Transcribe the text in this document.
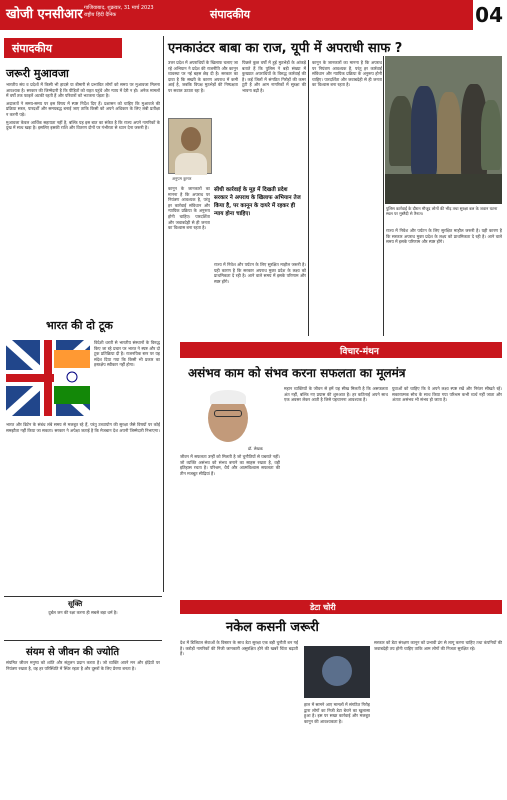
खोजी एनसीआर गाजियाबाद, शुक्रवार, 31 मार्च 2023
राष्ट्रीय हिंदी दैनिक	संपादकीय	04
संपादकीय
जरूरी मुआवजा

भारतीय संघ व प्रदेशों में किसी भी हादसे या बीमारी से प्रभावित लोगों को समय पर मुआवजा मिलना आवश्यक है। सरकार की जिम्मेदारी है कि पीड़ितों को राहत पहुंचे और न्याय में देरी न हो। अनेक मामलों में वर्षों तक फाइलें अटकी रहती हैं और परिवारों को भटकना पड़ता है।

अदालतों ने समय-समय पर इस विषय में स्पष्ट निर्देश दिए हैं। प्रशासन को चाहिए कि मुआवजे की प्रक्रिया सरल, पारदर्शी और समयबद्ध बनाई जाए ताकि किसी को अपने अधिकार के लिए लंबी प्रतीक्षा न करनी पड़े।

मुआवजा केवल आर्थिक सहायता नहीं है, बल्कि यह इस बात का संकेत है कि राज्य अपने नागरिकों के दुख में साथ खड़ा है। इसलिए इसकी राशि और वितरण दोनों पर गंभीरता से ध्यान देना जरूरी है।

भारत की दो टूक

विदेशी धरती से भारतीय संस्थानों के विरुद्ध किए जा रहे प्रचार पर भारत ने स्पष्ट और दो टूक प्रतिक्रिया दी है। राजनयिक स्तर पर यह संदेश दिया गया कि किसी भी प्रकार का हस्तक्षेप स्वीकार नहीं होगा।

भारत और ब्रिटेन के संबंध लंबे समय से मजबूत रहे हैं, परंतु उच्चायोग की सुरक्षा जैसे विषयों पर कोई समझौता नहीं किया जा सकता। सरकार ने अपेक्षा जताई है कि मेजबान देश अपनी जिम्मेदारी निभाएगा।

सूक्ति
दुर्बल जन की रक्षा करना ही सबसे बड़ा धर्म है।
संयम से जीवन की ज्योति
संयमित जीवन मनुष्य को शांति और संतुलन प्रदान करता है। जो व्यक्ति अपने मन और इंद्रियों पर नियंत्रण रखता है, वह हर परिस्थिति में स्थिर रहता है और दूसरों के लिए प्रेरणा बनता है।
एनकाउंटर बाबा का राज, यूपी में अपराधी साफ ?
उत्तर प्रदेश में अपराधियों के खिलाफ चलाए जा रहे अभियान ने प्रदेश की राजनीति और कानून व्यवस्था पर नई बहस छेड़ दी है। सरकार का दावा है कि सख्ती के कारण अपराध में कमी आई है, जबकि विपक्ष मुठभेड़ों की निष्पक्षता पर सवाल उठाता रहा है।
पिछले कुछ वर्षों में हुई मुठभेड़ों के आंकड़े बताते हैं कि पुलिस ने बड़ी संख्या में कुख्यात अपराधियों के विरुद्ध कार्रवाई की है। कई जिलों में संगठित गिरोहों की कमर टूटी है और आम नागरिकों में सुरक्षा की भावना बढ़ी है।
अनुपम कुमार
सीधी कार्रवाई के मूड़ में दिखती प्रदेश सरकार ने अपराध के खिलाफ अभियान तेज किया है, पर कानून के दायरे में रहकर ही न्याय होना चाहिए।
कानून के जानकारों का मानना है कि अपराध पर नियंत्रण आवश्यक है, परंतु हर कार्रवाई संविधान और न्यायिक प्रक्रिया के अनुरूप होनी चाहिए। पारदर्शिता और जवाबदेही से ही जनता का विश्वास बना रहता है।
राज्य में निवेश और पर्यटन के लिए सुरक्षित माहौल जरूरी है। यही कारण है कि सरकार अपराध मुक्त प्रदेश के लक्ष्य को प्राथमिकता दे रही है। आने वाले समय में इसके परिणाम और स्पष्ट होंगे।
कानून के जानकारों का मानना है कि अपराध पर नियंत्रण आवश्यक है, परंतु हर कार्रवाई संविधान और न्यायिक प्रक्रिया के अनुरूप होनी चाहिए। पारदर्शिता और जवाबदेही से ही जनता का विश्वास बना रहता है।
पुलिस कार्रवाई के दौरान मौजूद लोगों की भीड़ तथा सुरक्षा बल के जवान घटना स्थल पर मुस्तैदी से तैनात।
राज्य में निवेश और पर्यटन के लिए सुरक्षित माहौल जरूरी है। यही कारण है कि सरकार अपराध मुक्त प्रदेश के लक्ष्य को प्राथमिकता दे रही है। आने वाले समय में इसके परिणाम और स्पष्ट होंगे।
विचार-मंथन
असंभव काम को संभव करना सफलता का मूलमंत्र
डॉ. लेखक
जीवन में सफलता उन्हीं को मिलती है जो चुनौतियों से घबराते नहीं। जो व्यक्ति असंभव को संभव बनाने का साहस रखता है, वही इतिहास रचता है। परिश्रम, धैर्य और आत्मविश्वास सफलता की तीन मजबूत सीढ़ियां हैं।
महान व्यक्तियों के जीवन से हमें यह सीख मिलती है कि असफलता अंत नहीं, बल्कि नए प्रयास की शुरुआत है। हर कठिनाई अपने साथ एक अवसर लेकर आती है जिसे पहचानना आवश्यक है।
युवाओं को चाहिए कि वे अपने लक्ष्य स्पष्ट रखें और निरंतर सीखते रहें। सकारात्मक सोच के साथ किया गया परिश्रम कभी व्यर्थ नहीं जाता और अंततः असंभव भी संभव हो जाता है।
डेटा चोरी
नकेल कसनी जरूरी
देश में डिजिटल सेवाओं के विस्तार के साथ डेटा सुरक्षा एक बड़ी चुनौती बन गई है। करोड़ों नागरिकों की निजी जानकारी असुरक्षित होने की खबरें चिंता बढ़ाती हैं।
हाल में सामने आए मामलों में संगठित गिरोह द्वारा लोगों का निजी डेटा बेचने का खुलासा हुआ है। इस पर सख्त कार्रवाई और मजबूत कानून की आवश्यकता है।
सरकार को डेटा संरक्षण कानून को प्रभावी ढंग से लागू करना चाहिए तथा कंपनियों की जवाबदेही तय होनी चाहिए ताकि आम लोगों की निजता सुरक्षित रहे।
